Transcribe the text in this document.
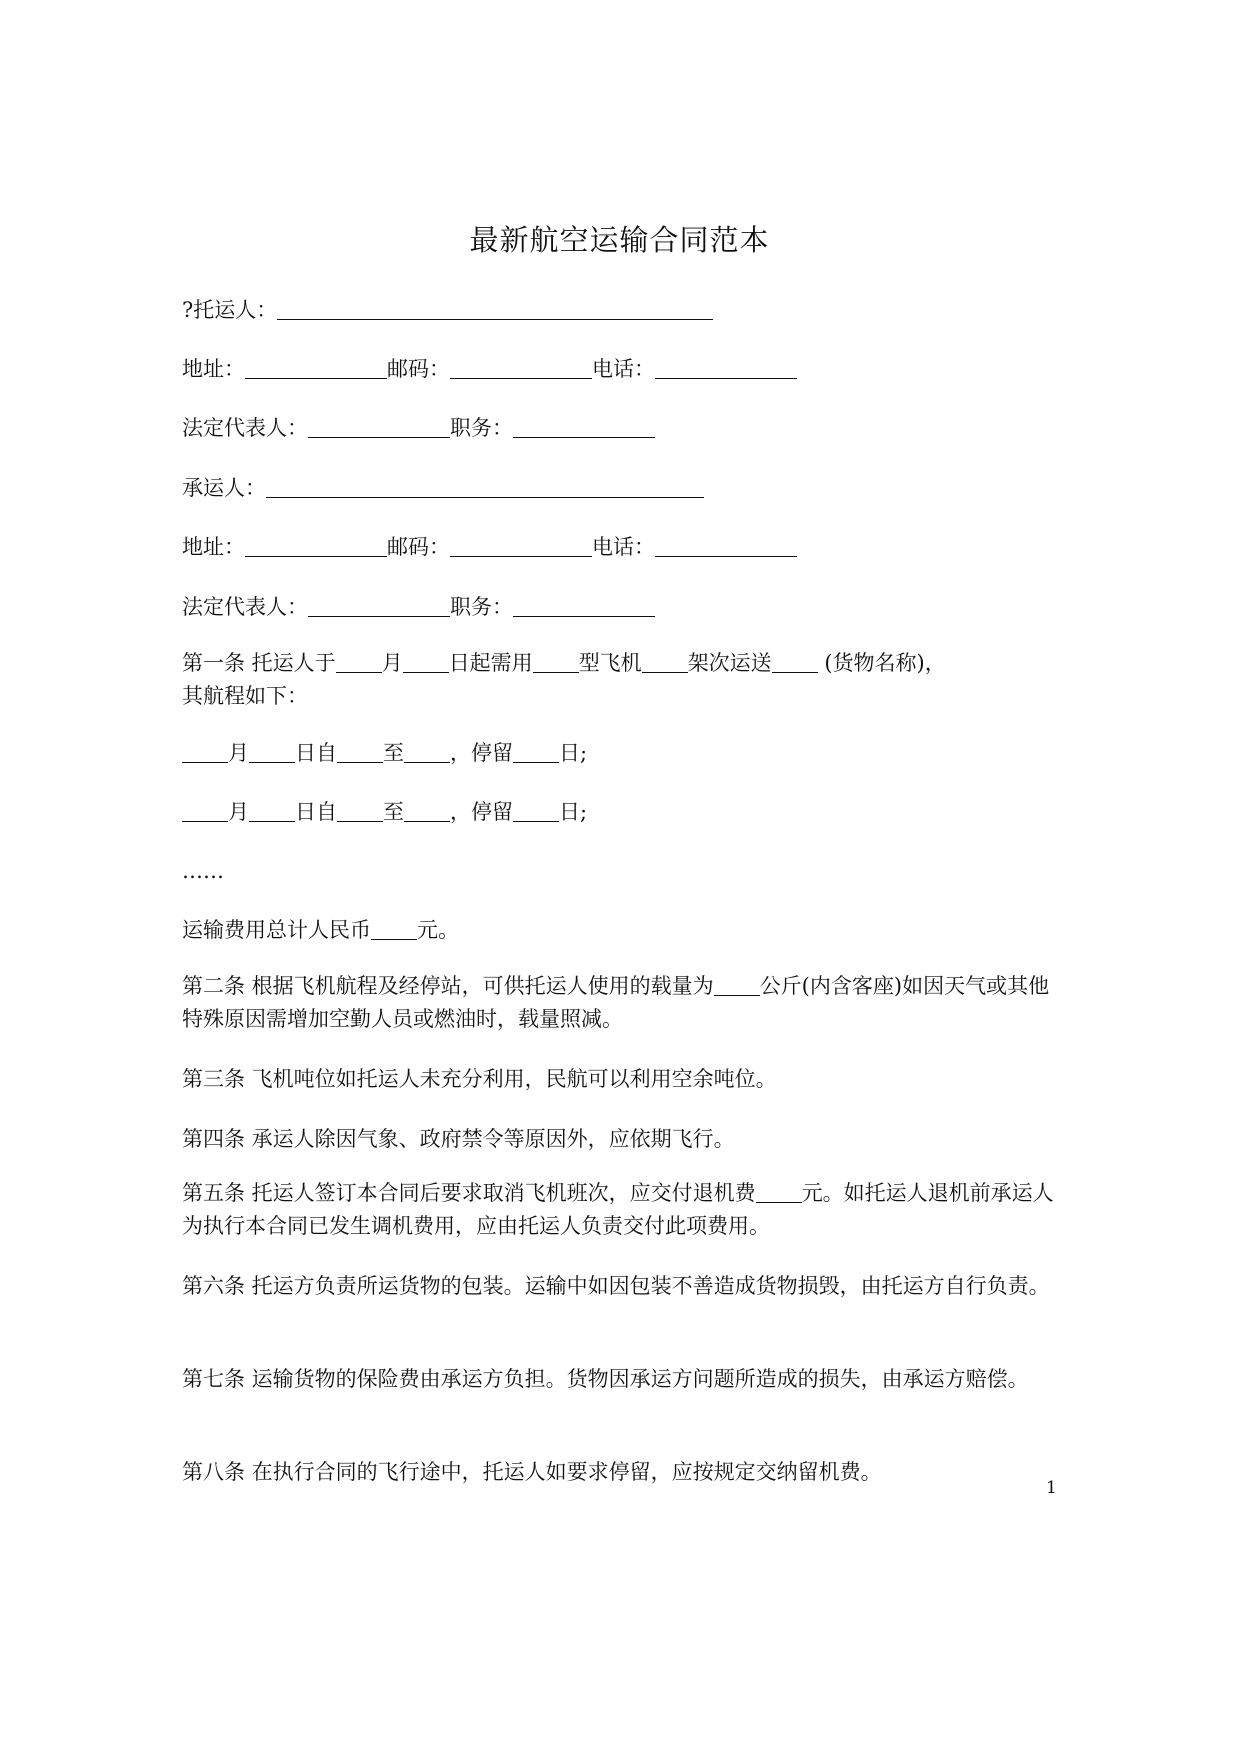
最新航空运输合同范本
?托运人：
地址：	邮码：	电话：
法定代表人：	职务：
承运人：
地址：	邮码：	电话：
法定代表人：	职务：
第一条 托运人于 月 日起需用 型飞机 架次运送 (货物名称)，
其航程如下：
月 日自 至 ，停留 日;
月 日自 至 ，停留 日;
……
运输费用总计人民币 元。
第二条 根据飞机航程及经停站，可供托运人使用的载量为 公斤(内含客座)如因天气或其他特殊原因需增加空勤人员或燃油时，载量照减。
第三条 飞机吨位如托运人未充分利用，民航可以利用空余吨位。
第四条 承运人除因气象、政府禁令等原因外，应依期飞行。
第五条 托运人签订本合同后要求取消飞机班次，应交付退机费 元。如托运人退机前承运人为执行本合同已发生调机费用，应由托运人负责交付此项费用。
第六条 托运方负责所运货物的包装。运输中如因包装不善造成货物损毁，由托运方自行负责。
第七条 运输货物的保险费由承运方负担。货物因承运方问题所造成的损失，由承运方赔偿。
第八条 在执行合同的飞行途中，托运人如要求停留，应按规定交纳留机费。
1
